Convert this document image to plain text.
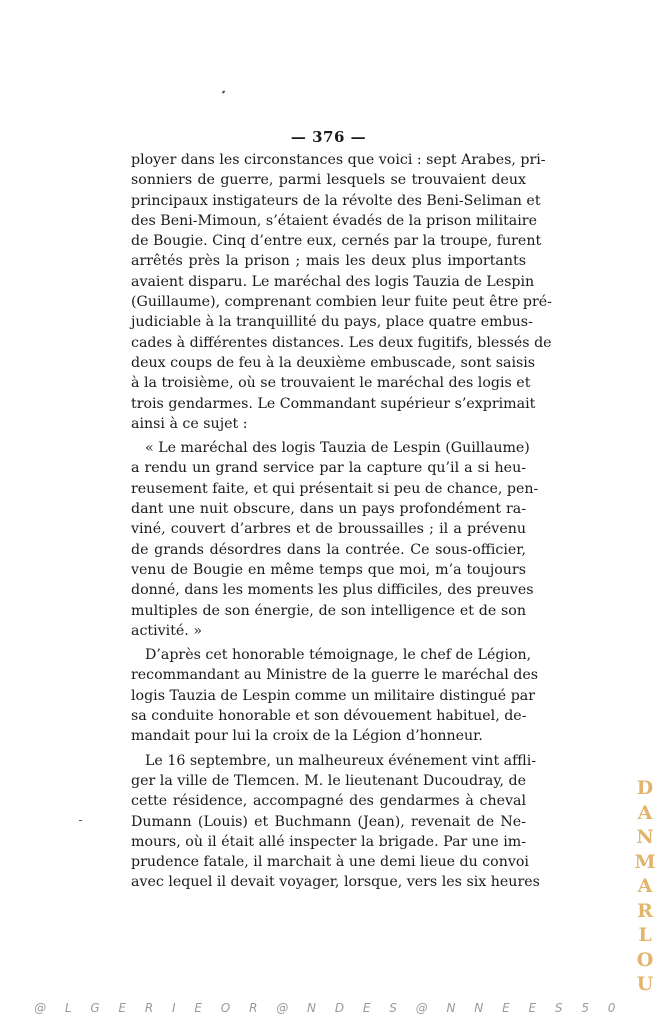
— 376 —
ployer dans les circonstances que voici : sept Arabes, pri-
sonniers de guerre, parmi lesquels se trouvaient deux
principaux instigateurs de la révolte des Beni-Seliman et
des Beni-Mimoun, s’étaient évadés de la prison militaire
de Bougie. Cinq d’entre eux, cernés par la troupe, furent
arrêtés près la prison ; mais les deux plus importants
avaient disparu. Le maréchal des logis Tauzia de Lespin
(Guillaume), comprenant combien leur fuite peut être pré-
judiciable à la tranquillité du pays, place quatre embus-
cades à différentes distances. Les deux fugitifs, blessés de
deux coups de feu à la deuxième embuscade, sont saisis
à la troisième, où se trouvaient le maréchal des logis et
trois gendarmes. Le Commandant supérieur s’exprimait
ainsi à ce sujet :
« Le maréchal des logis Tauzia de Lespin (Guillaume)
a rendu un grand service par la capture qu’il a si heu-
reusement faite, et qui présentait si peu de chance, pen-
dant une nuit obscure, dans un pays profondément ra-
viné, couvert d’arbres et de broussailles ; il a prévenu
de grands désordres dans la contrée. Ce sous-officier,
venu de Bougie en même temps que moi, m’a toujours
donné, dans les moments les plus difficiles, des preuves
multiples de son énergie, de son intelligence et de son
activité. »
D’après cet honorable témoignage, le chef de Légion,
recommandant au Ministre de la guerre le maréchal des
logis Tauzia de Lespin comme un militaire distingué par
sa conduite honorable et son dévouement habituel, de-
mandait pour lui la croix de la Légion d’honneur.
Le 16 septembre, un malheureux événement vint affli-
ger la ville de Tlemcen. M. le lieutenant Ducoudray, de
cette résidence, accompagné des gendarmes à cheval
Dumann (Louis) et Buchmann (Jean), revenait de Ne-
mours, où il était allé inspecter la brigade. Par une im-
prudence fatale, il marchait à une demi lieue du convoi
avec lequel il devait voyager, lorsque, vers les six heures
D
A
N
M
A
R
L
O
U
@ L G E R I E O R @ N D E S @ N N E E S 5 0
